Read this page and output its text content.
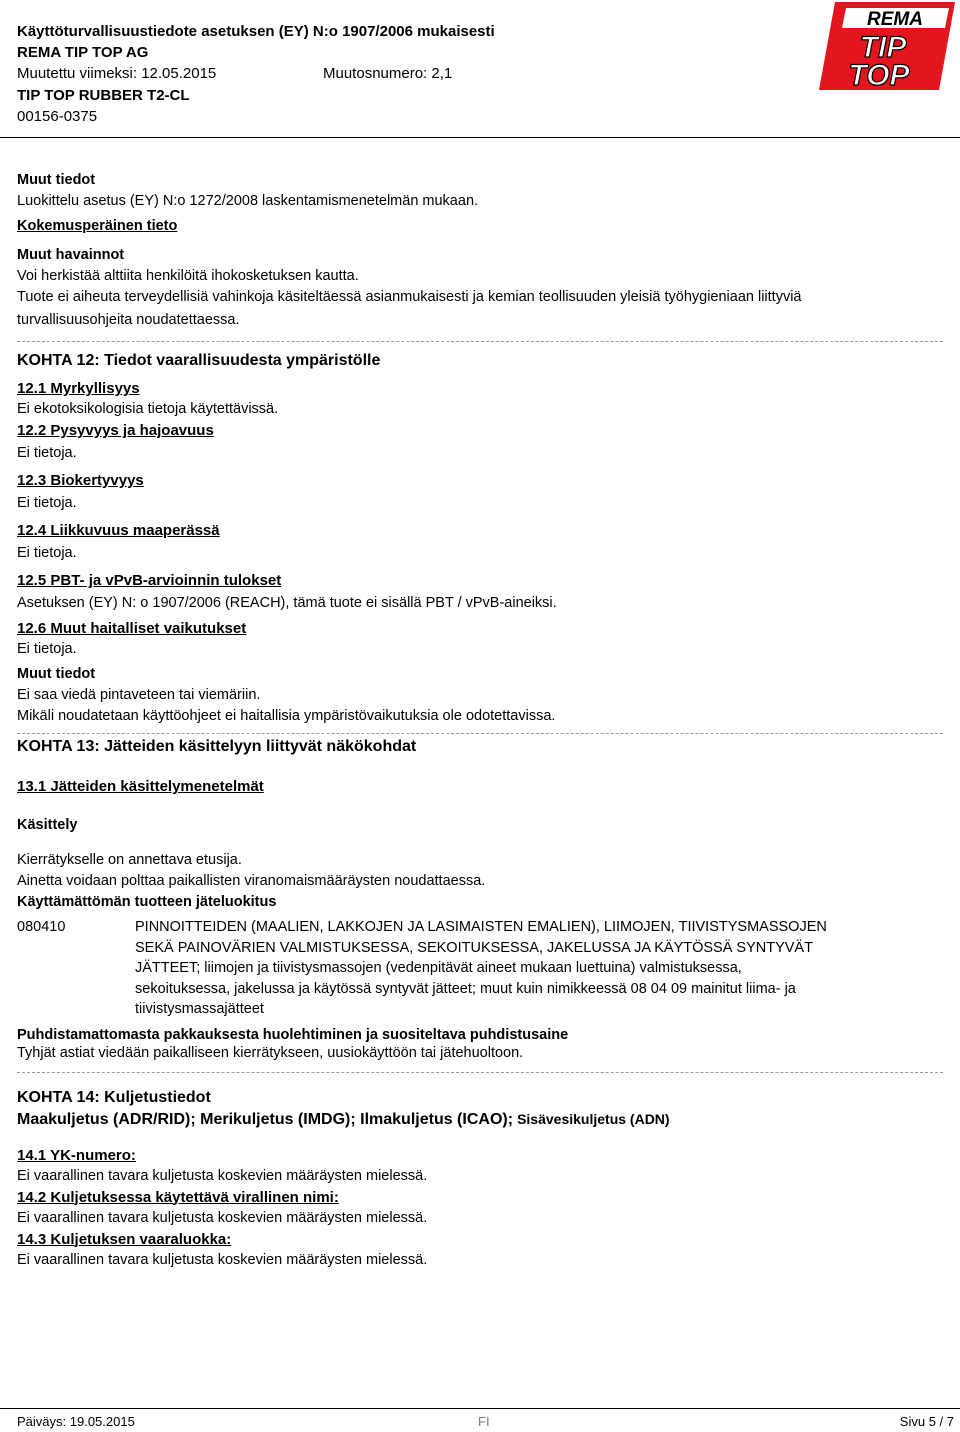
Käyttöturvallisuustiedote asetuksen (EY) N:o 1907/2006 mukaisesti
REMA TIP TOP AG
Muutettu viimeksi: 12.05.2015	Muutosnumero: 2,1
TIP TOP RUBBER T2-CL
00156-0375
REMA
TIP
TOP
Muut tiedot
Luokittelu asetus (EY) N:o 1272/2008 laskentamismenetelmän mukaan.
Kokemusperäinen tieto
Muut havainnot
Voi herkistää alttiita henkilöitä ihokosketuksen kautta.
Tuote ei aiheuta terveydellisiä vahinkoja käsiteltäessä asianmukaisesti ja kemian teollisuuden yleisiä työhygieniaan liittyviä
turvallisuusohjeita noudatettaessa.
KOHTA 12: Tiedot vaarallisuudesta ympäristölle
12.1 Myrkyllisyys
Ei ekotoksikologisia tietoja käytettävissä.
12.2 Pysyvyys ja hajoavuus
Ei tietoja.
12.3 Biokertyvyys
Ei tietoja.
12.4 Liikkuvuus maaperässä
Ei tietoja.
12.5 PBT- ja vPvB-arvioinnin tulokset
Asetuksen (EY) N: o 1907/2006 (REACH), tämä tuote ei sisällä PBT / vPvB-aineiksi.
12.6 Muut haitalliset vaikutukset
Ei tietoja.
Muut tiedot
Ei saa viedä pintaveteen tai viemäriin.
Mikäli noudatetaan käyttöohjeet ei haitallisia ympäristövaikutuksia ole odotettavissa.
KOHTA 13: Jätteiden käsittelyyn liittyvät näkökohdat
13.1 Jätteiden käsittelymenetelmät
Käsittely
Kierrätykselle on annettava etusija.
Ainetta voidaan polttaa paikallisten viranomaismääräysten noudattaessa.
Käyttämättömän tuotteen jäteluokitus
080410	PINNOITTEIDEN (MAALIEN, LAKKOJEN JA LASIMAISTEN EMALIEN), LIIMOJEN, TIIVISTYSMASSOJEN
SEKÄ PAINOVÄRIEN VALMISTUKSESSA, SEKOITUKSESSA, JAKELUSSA JA KÄYTÖSSÄ SYNTYVÄT
JÄTTEET; liimojen ja tiivistysmassojen (vedenpitävät aineet mukaan luettuina) valmistuksessa,
sekoituksessa, jakelussa ja käytössä syntyvät jätteet; muut kuin nimikkeessä 08 04 09 mainitut liima- ja
tiivistysmassajätteet
Puhdistamattomasta pakkauksesta huolehtiminen ja suositeltava puhdistusaine
Tyhjät astiat viedään paikalliseen kierrätykseen, uusiokäyttöön tai jätehuoltoon.
KOHTA 14: Kuljetustiedot
Maakuljetus (ADR/RID); Merikuljetus (IMDG); Ilmakuljetus (ICAO); Sisävesikuljetus (ADN)
14.1 YK-numero:
Ei vaarallinen tavara kuljetusta koskevien määräysten mielessä.
14.2 Kuljetuksessa käytettävä virallinen nimi:
Ei vaarallinen tavara kuljetusta koskevien määräysten mielessä.
14.3 Kuljetuksen vaaraluokka:
Ei vaarallinen tavara kuljetusta koskevien määräysten mielessä.
Päiväys: 19.05.2015	FI	Sivu 5 / 7
